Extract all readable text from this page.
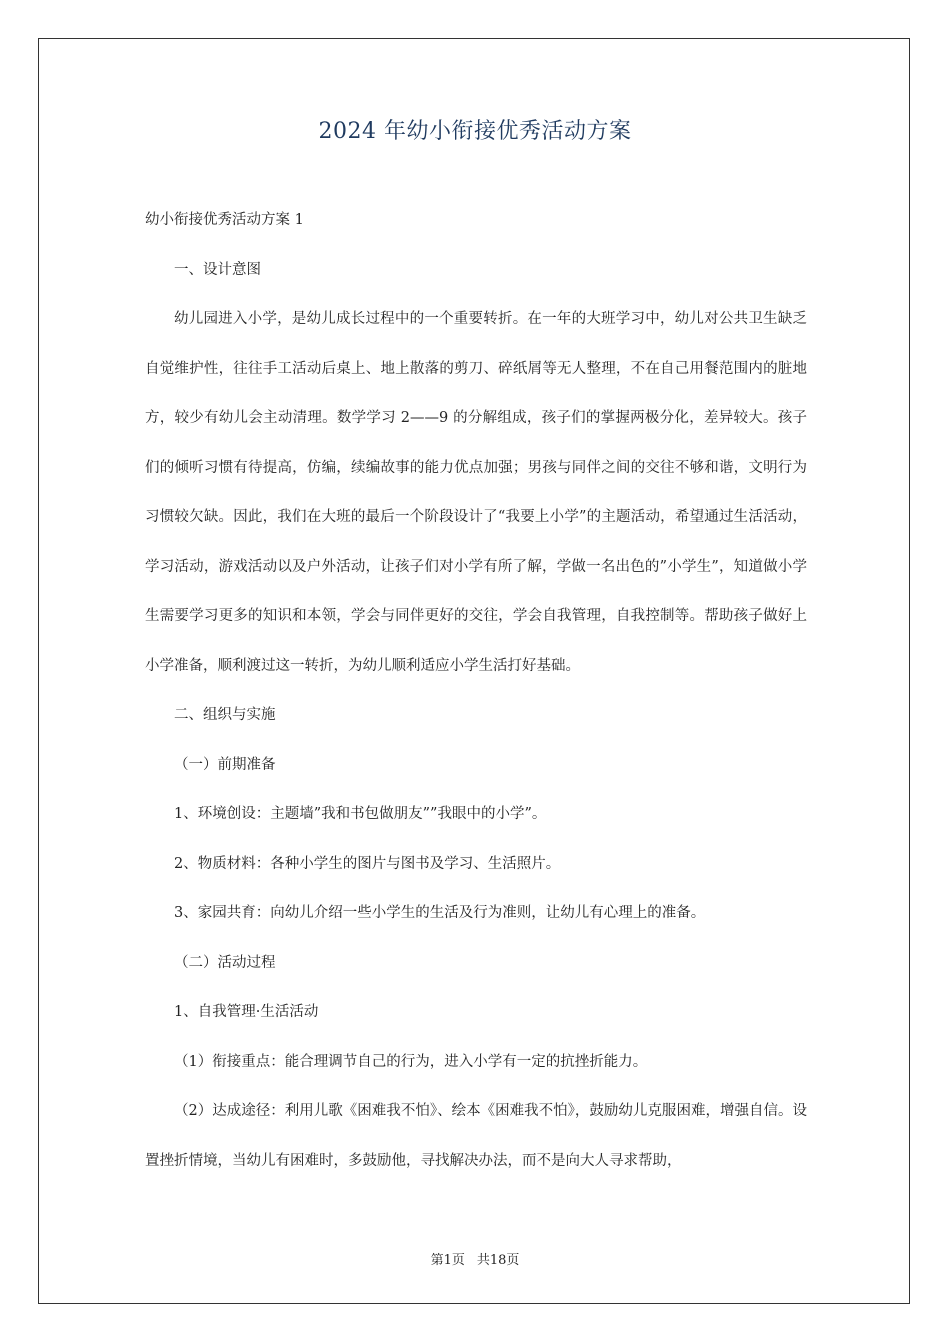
2024 年幼小衔接优秀活动方案

幼小衔接优秀活动方案 1

一、设计意图

幼儿园进入小学，是幼儿成长过程中的一个重要转折。在一年的大班学习中，幼儿对公共卫生缺乏自觉维护性，往往手工活动后桌上、地上散落的剪刀、碎纸屑等无人整理，不在自己用餐范围内的脏地方，较少有幼儿会主动清理。数学学习 2——9 的分解组成，孩子们的掌握两极分化，差异较大。孩子们的倾听习惯有待提高，仿编，续编故事的能力优点加强；男孩与同伴之间的交往不够和谐，文明行为习惯较欠缺。因此，我们在大班的最后一个阶段设计了“我要上小学”的主题活动，希望通过生活活动，学习活动，游戏活动以及户外活动，让孩子们对小学有所了解，学做一名出色的”小学生”，知道做小学生需要学习更多的知识和本领，学会与同伴更好的交往，学会自我管理，自我控制等。帮助孩子做好上小学准备，顺利渡过这一转折，为幼儿顺利适应小学生活打好基础。

二、组织与实施

（一）前期准备

1、环境创设：主题墙”我和书包做朋友””我眼中的小学”。

2、物质材料：各种小学生的图片与图书及学习、生活照片。

3、家园共育：向幼儿介绍一些小学生的生活及行为准则，让幼儿有心理上的准备。

（二）活动过程

1、自我管理·生活活动

（1）衔接重点：能合理调节自己的行为，进入小学有一定的抗挫折能力。

（2）达成途径：利用儿歌《困难我不怕》、绘本《困难我不怕》，鼓励幼儿克服困难，增强自信。设置挫折情境，当幼儿有困难时，多鼓励他，寻找解决办法，而不是向大人寻求帮助，

第1页 共18页
